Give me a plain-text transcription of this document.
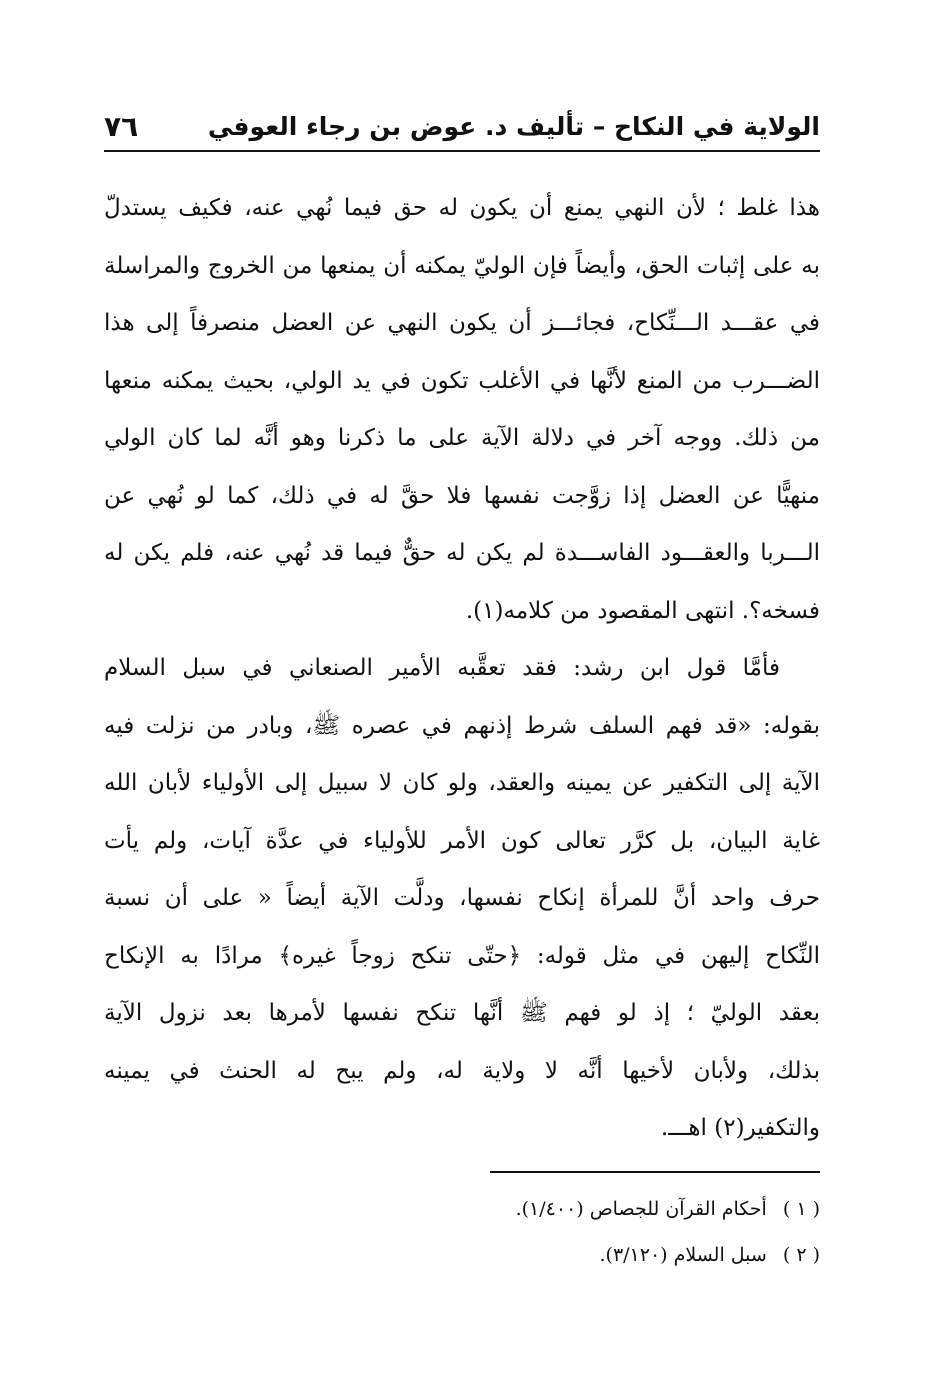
الولاية في النكاح – تأليف د. عوض بن رجاء العوفي
٧٦
هذا غلط ؛ لأن النهي يمنع أن يكون له حق فيما نُهي عنه، فكيف يستدلّ
به على إثبات الحق، وأيضاً فإن الوليّ يمكنه أن يمنعها من الخروج والمراسلة
في عقـــد الـــنِّكاح، فجائـــز أن يكون النهي عن العضل منصرفاً إلى هذا
الضـــرب من المنع لأنَّها في الأغلب تكون في يد الولي، بحيث يمكنه منعها
من ذلك. ووجه آخر في دلالة الآية على ما ذكرنا وهو أنَّه لما كان الولي
منهيًّا عن العضل إذا زوَّجت نفسها فلا حقَّ له في ذلك، كما لو نُهي عن
الـــربا والعقـــود الفاســـدة لم يكن له حقٌّ فيما قد نُهي عنه، فلم يكن له
فسخه؟. انتهى المقصود من كلامه(١).
فأمَّا قول ابن رشد: فقد تعقَّبه الأمير الصنعاني في سبل السلام
بقوله: «قد فهم السلف شرط إذنهم في عصره ﷺ، وبادر من نزلت فيه
الآية إلى التكفير عن يمينه والعقد، ولو كان لا سبيل إلى الأولياء لأبان الله
غاية البيان، بل كرَّر تعالى كون الأمر للأولياء في عدَّة آيات، ولم يأت
حرف واحد أنَّ للمرأة إنكاح نفسها، ودلَّت الآية أيضاً « على أن نسبة
النِّكاح إليهن في مثل قوله: ﴿حتّى تنكح زوجاً غيره﴾ مرادًا به الإنكاح
بعقد الوليّ ؛ إذ لو فهم ﷺ أنَّها تنكح نفسها لأمرها بعد نزول الآية
بذلك، ولأبان لأخيها أنَّه لا ولاية له، ولم يبح له الحنث في يمينه
والتكفير(٢) اهـــ.
( ١ ) أحكام القرآن للجصاص (١/٤٠٠).
( ٢ ) سبل السلام (٣/١٢٠).
